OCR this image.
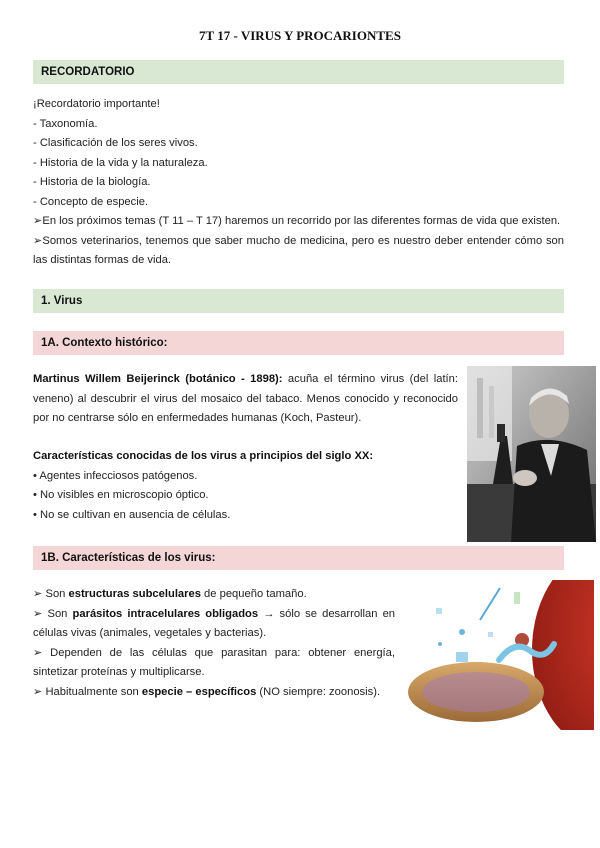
7T 17 - VIRUS Y PROCARIONTES
RECORDATORIO

¡Recordatorio importante!

- Taxonomía.

- Clasificación de los seres vivos.

- Historia de la vida y la naturaleza.

- Historia de la biología.

- Concepto de especie.

➢En los próximos temas (T 11 – T 17) haremos un recorrido por las diferentes formas de vida que existen.

➢Somos veterinarios, tenemos que saber mucho de medicina, pero es nuestro deber entender cómo son las distintas formas de vida.

1. Virus
1A. Contexto histórico:

Martinus Willem Beijerinck (botánico - 1898): acuña el término virus (del latín: veneno) al descubrir el virus del mosaico del tabaco. Menos conocido y reconocido por no centrarse sólo en enfermedades humanas (Koch, Pasteur).

Características conocidas de los virus a principios del siglo XX:

• Agentes infecciosos patógenos.

• No visibles en microscopio óptico.

• No se cultivan en ausencia de células.

1B. Características de los virus:

➢ Son estructuras subcelulares de pequeño tamaño.

➢ Son parásitos intracelulares obligados → sólo se desarrollan en células vivas (animales, vegetales y bacterias).

➢ Dependen de las células que parasitan para: obtener energía, sintetizar proteínas y multiplicarse.

➢ Habitualmente son especie – específicos (NO siempre: zoonosis).
